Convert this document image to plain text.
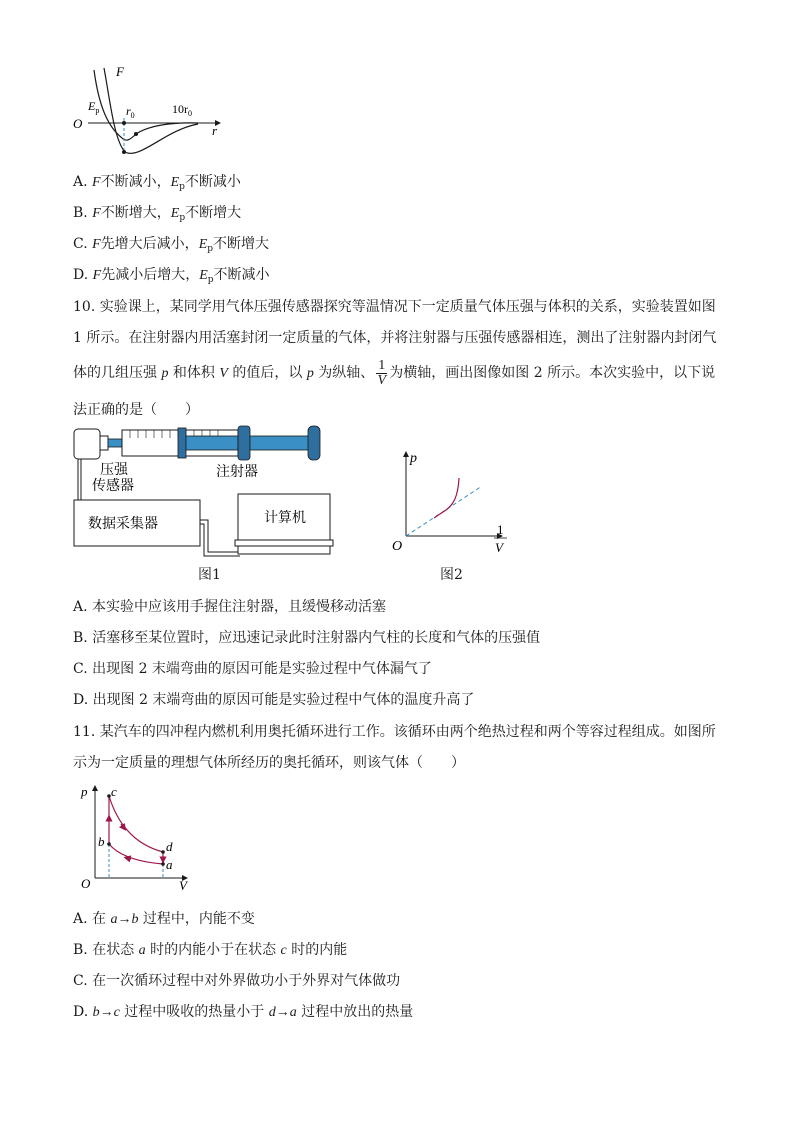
F
$E_p$ $r_0$	$10r_0$
O	r
A. F不断减小，$E_p$不断减小
B. F不断增大，$E_p$不断增大
C. F先增大后减小，$E_p$不断增大
D. F先减小后增大，$E_p$不断减小
10. 实验课上，某同学用气体压强传感器探究等温情况下一定质量气体压强与体积的关系，实验装置如图
1 所示。在注射器内用活塞封闭一定质量的气体，并将注射器与压强传感器相连，测出了注射器内封闭气
体的几组压强 p 和体积 V 的值后，以 p 为纵轴、 $\frac{1}{V}$ 为横轴，画出图像如图 2 所示。本次实验中，以下说
法正确的是（　　）
压强
传感器
注射器
数据采集器	计算机
图1
p
O
1
V
图2
A. 本实验中应该用手握住注射器，且缓慢移动活塞
B. 活塞移至某位置时，应迅速记录此时注射器内气柱的长度和气体的压强值
C. 出现图 2 末端弯曲的原因可能是实验过程中气体漏气了
D. 出现图 2 末端弯曲的原因可能是实验过程中气体的温度升高了
11. 某汽车的四冲程内燃机利用奥托循环进行工作。该循环由两个绝热过程和两个等容过程组成。如图所
示为一定质量的理想气体所经历的奥托循环，则该气体（　　）
p
O	V
c
b	d
a
A. 在 a→b 过程中，内能不变
B. 在状态 a 时的内能小于在状态 c 时的内能
C. 在一次循环过程中对外界做功小于外界对气体做功
D. b→c 过程中吸收的热量小于 d→a 过程中放出的热量
